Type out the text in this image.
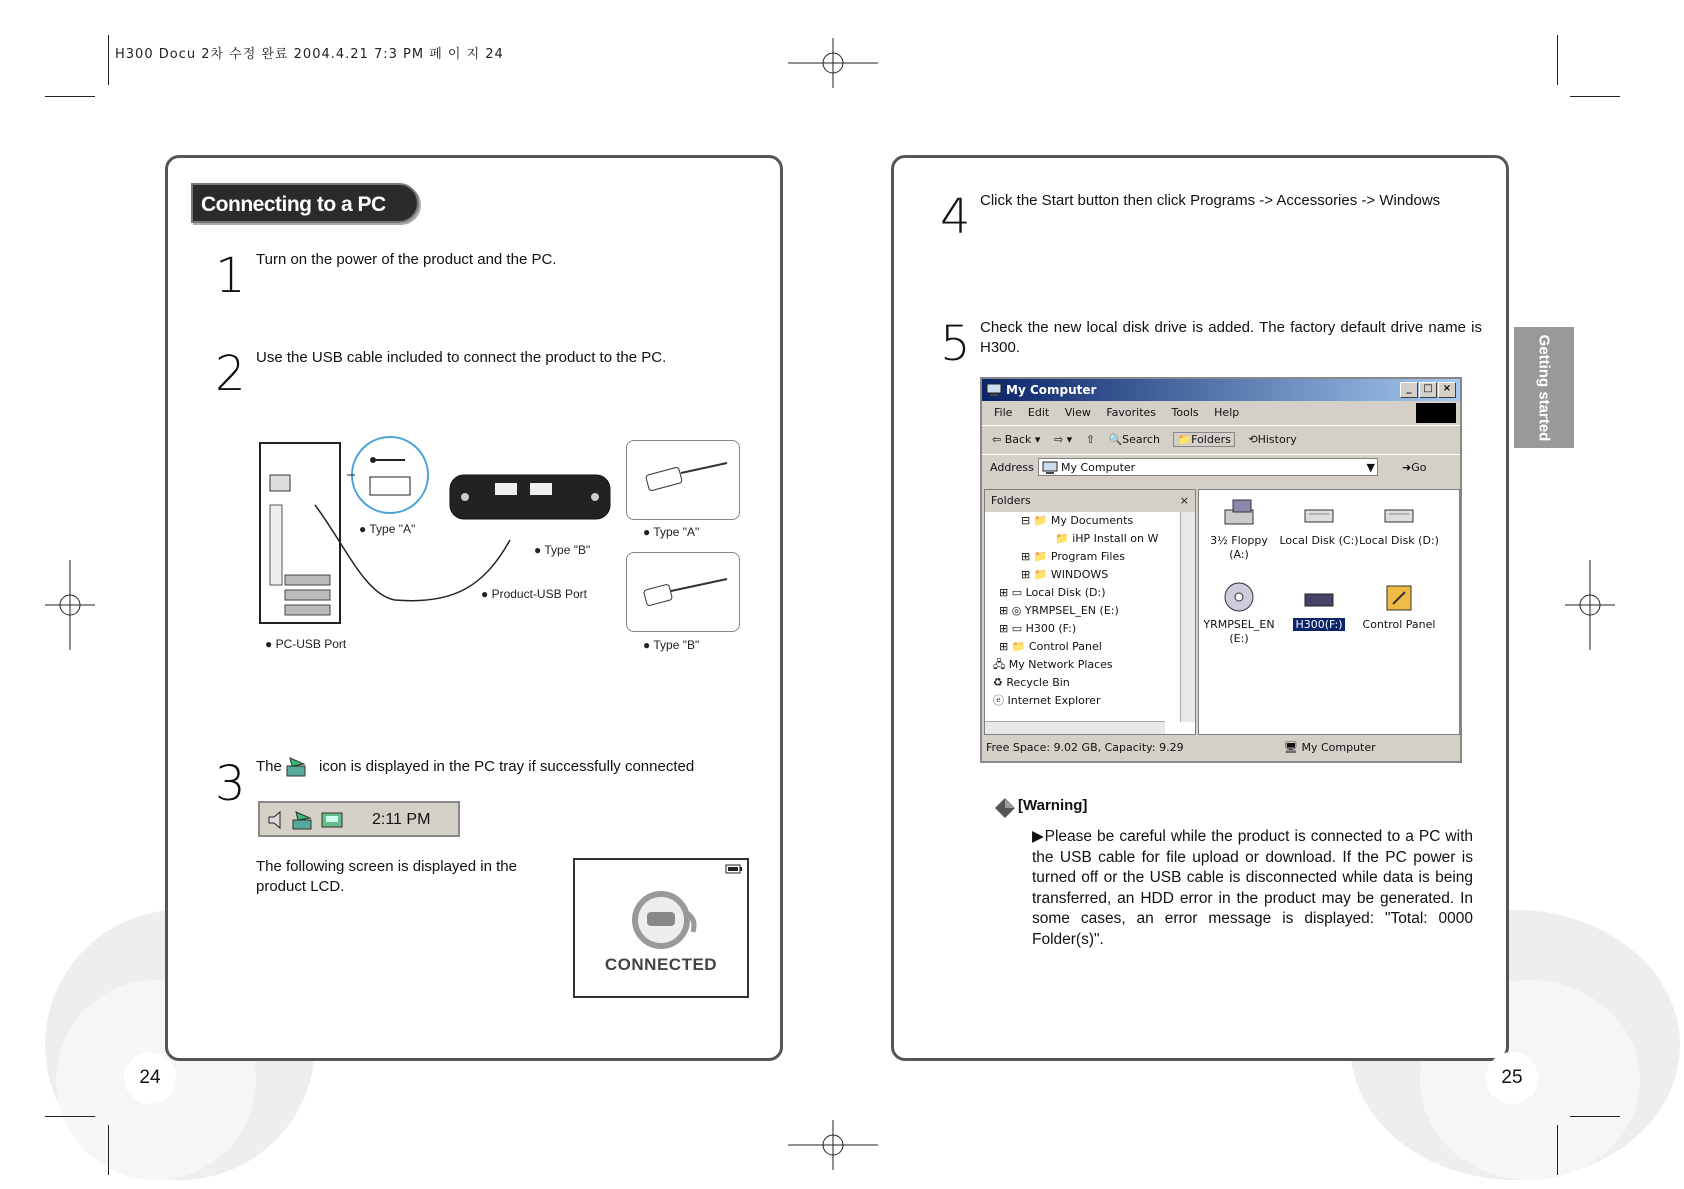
H300 Docu 2차 수정 완료 2004.4.21 7:3 PM 페 이 지 24
Connecting to a PC
1 Turn on the power of the product and the PC.
2 Use the USB cable included to connect the product to the PC.
● Type "A"
● Type "B"
● Product-USB Port
● PC-USB Port
● Type "A"
● Type "B"
3 The icon is displayed in the PC tray if successfully connected
2:11 PM
The following screen is displayed in the product LCD.
CONNECTED
24
4 Click the Start button then click Programs -> Accessories -> Windows
5 Check the new local disk drive is added. The factory default drive name is H300.	Getting started
My Computer	_	□	×
File Edit View Favorites Tools Help
⇦ Back ▾ ⇨ ▾ ⇧ 🔍Search 📁Folders ⟲History
Address	My Computer	▼ ➜Go
Folders	×
⊟ 📁 My Documents
📁 iHP Install on W
⊞ 📁 Program Files
⊞ 📁 WINDOWS
⊞ ▭ Local Disk (D:)
⊞ ◎ YRMPSEL_EN (E:)
⊞ ▭ H300 (F:)
⊞ 📁 Control Panel
🖧 My Network Places
♻ Recycle Bin
ⓔ Internet Explorer
3½ Floppy (A:)
Local Disk (C:) Local Disk (D:)
YRMPSEL_EN (E:)
H300(F:)	Control Panel
Free Space: 9.02 GB, Capacity: 9.29	🖥 My Computer
[Warning]
▶Please be careful while the product is connected to a PC with the USB cable for file upload or download. If the PC power is turned off or the USB cable is disconnected while data is being transferred, an HDD error in the product may be generated. In some cases, an error message is displayed: "Total: 0000 Folder(s)".
25
